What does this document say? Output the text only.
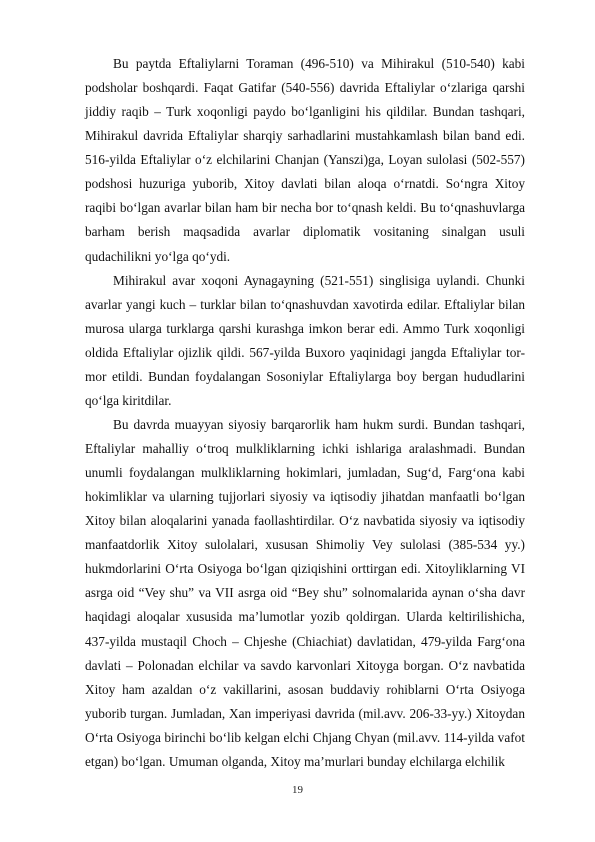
Bu paytda Eftaliylarni Toraman (496-510) va Mihirakul (510-540) kabi podsholar boshqardi. Faqat Gatifar (540-556) davrida Eftaliylar o‘zlariga qarshi jiddiy raqib – Turk xoqonligi paydo bo‘lganligini his qildilar. Bundan tashqari, Mihirakul davrida Eftaliylar sharqiy sarhadlarini mustahkamlash bilan band edi. 516-yilda Eftaliylar o‘z elchilarini Chanjan (Yanszi)ga, Loyan sulolasi (502-557) podshosi huzuriga yuborib, Xitoy davlati bilan aloqa o‘rnatdi. So‘ngra Xitoy raqibi bo‘lgan avarlar bilan ham bir necha bor to‘qnash keldi. Bu to‘qnashuvlarga barham berish maqsadida avarlar diplomatik vositaning sinalgan usuli qudachilikni yo‘lga qo‘ydi.

Mihirakul avar xoqoni Aynagayning (521-551) singlisiga uylandi. Chunki avarlar yangi kuch – turklar bilan to‘qnashuvdan xavotirda edilar. Eftaliylar bilan murosa ularga turklarga qarshi kurashga imkon berar edi. Ammo Turk xoqonligi oldida Eftaliylar ojizlik qildi. 567-yilda Buxoro yaqinidagi jangda Eftaliylar tor-mor etildi. Bundan foydalangan Sosoniylar Eftaliylarga boy bergan hududlarini qo‘lga kiritdilar.

Bu davrda muayyan siyosiy barqarorlik ham hukm surdi. Bundan tashqari, Eftaliylar mahalliy o‘troq mulkliklarning ichki ishlariga aralashmadi. Bundan unumli foydalangan mulkliklarning hokimlari, jumladan, Sug‘d, Farg‘ona kabi hokimliklar va ularning tujjorlari siyosiy va iqtisodiy jihatdan manfaatli bo‘lgan Xitoy bilan aloqalarini yanada faollashtirdilar. O‘z navbatida siyosiy va iqtisodiy manfaatdorlik Xitoy sulolalari, xususan Shimoliy Vey sulolasi (385-534 yy.) hukmdorlarini O‘rta Osiyoga bo‘lgan qiziqishini orttirgan edi. Xitoyliklarning VI asrga oid “Vey shu” va VII asrga oid “Bey shu” solnomalarida aynan o‘sha davr haqidagi aloqalar xususida ma’lumotlar yozib qoldirgan. Ularda keltirilishicha, 437-yilda mustaqil Choch – Chjeshe (Chiachiat) davlatidan, 479-yilda Farg‘ona davlati – Polonadan elchilar va savdo karvonlari Xitoyga borgan. O‘z navbatida Xitoy ham azaldan o‘z vakillarini, asosan buddaviy rohiblarni O‘rta Osiyoga yuborib turgan. Jumladan, Xan imperiyasi davrida (mil.avv. 206-33-yy.) Xitoydan O‘rta Osiyoga birinchi bo‘lib kelgan elchi Chjang Chyan (mil.avv. 114-yilda vafot etgan) bo‘lgan. Umuman olganda, Xitoy ma’murlari bunday elchilarga elchilik

19
